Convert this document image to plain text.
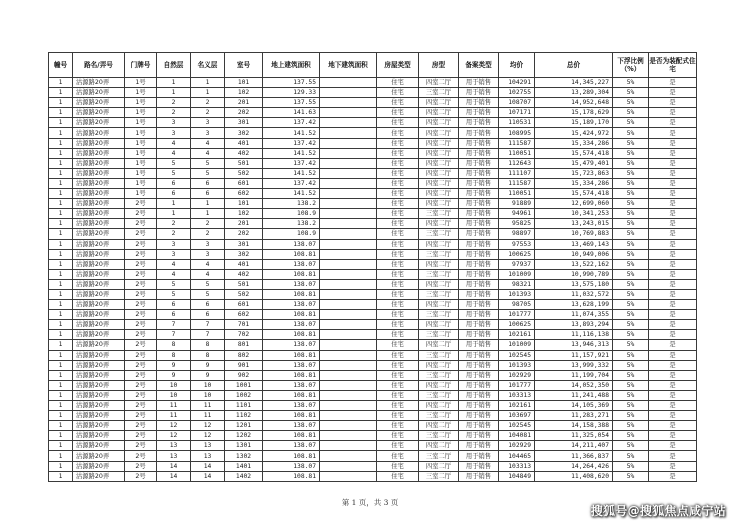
幢号	路名/弄号	门牌号	自然层	名义层	室号	地上建筑面积	地下建筑面积	房屋类型	房型	备案类型	均价	总价	下浮比例（%）	是否为装配式住宅
1	沽源路20弄	1号	1	1	101	137.55		住宅	四室二厅	用于销售	104291	14,345,227	5%	是
1	沽源路20弄	1号	1	1	102	129.33		住宅	三室二厅	用于销售	102755	13,289,304	5%	是
1	沽源路20弄	1号	2	2	201	137.55		住宅	四室二厅	用于销售	108707	14,952,648	5%	是
1	沽源路20弄	1号	2	2	202	141.63		住宅	四室二厅	用于销售	107171	15,178,629	5%	是
1	沽源路20弄	1号	3	3	301	137.42		住宅	四室二厅	用于销售	110531	15,189,170	5%	是
1	沽源路20弄	1号	3	3	302	141.52		住宅	四室二厅	用于销售	108995	15,424,972	5%	是
1	沽源路20弄	1号	4	4	401	137.42		住宅	四室二厅	用于销售	111587	15,334,286	5%	是
1	沽源路20弄	1号	4	4	402	141.52		住宅	四室二厅	用于销售	110051	15,574,418	5%	是
1	沽源路20弄	1号	5	5	501	137.42		住宅	四室二厅	用于销售	112643	15,479,401	5%	是
1	沽源路20弄	1号	5	5	502	141.52		住宅	四室二厅	用于销售	111107	15,723,863	5%	是
1	沽源路20弄	1号	6	6	601	137.42		住宅	四室二厅	用于销售	111587	15,334,286	5%	是
1	沽源路20弄	1号	6	6	602	141.52		住宅	四室二厅	用于销售	110051	15,574,418	5%	是
1	沽源路20弄	2号	1	1	101	138.2		住宅	四室二厅	用于销售	91889	12,699,060	5%	是
1	沽源路20弄	2号	1	1	102	108.9		住宅	三室二厅	用于销售	94961	10,341,253	5%	是
1	沽源路20弄	2号	2	2	201	138.2		住宅	四室二厅	用于销售	95825	13,243,015	5%	是
1	沽源路20弄	2号	2	2	202	108.9		住宅	三室二厅	用于销售	98897	10,769,883	5%	是
1	沽源路20弄	2号	3	3	301	138.07		住宅	四室二厅	用于销售	97553	13,469,143	5%	是
1	沽源路20弄	2号	3	3	302	108.81		住宅	三室二厅	用于销售	100625	10,949,006	5%	是
1	沽源路20弄	2号	4	4	401	138.07		住宅	四室二厅	用于销售	97937	13,522,162	5%	是
1	沽源路20弄	2号	4	4	402	108.81		住宅	三室二厅	用于销售	101009	10,990,789	5%	是
1	沽源路20弄	2号	5	5	501	138.07		住宅	四室二厅	用于销售	98321	13,575,180	5%	是
1	沽源路20弄	2号	5	5	502	108.81		住宅	三室二厅	用于销售	101393	11,032,572	5%	是
1	沽源路20弄	2号	6	6	601	138.07		住宅	四室二厅	用于销售	98705	13,628,199	5%	是
1	沽源路20弄	2号	6	6	602	108.81		住宅	三室二厅	用于销售	101777	11,074,355	5%	是
1	沽源路20弄	2号	7	7	701	138.07		住宅	四室二厅	用于销售	100625	13,893,294	5%	是
1	沽源路20弄	2号	7	7	702	108.81		住宅	三室二厅	用于销售	102161	11,116,138	5%	是
1	沽源路20弄	2号	8	8	801	138.07		住宅	四室二厅	用于销售	101009	13,946,313	5%	是
1	沽源路20弄	2号	8	8	802	108.81		住宅	三室二厅	用于销售	102545	11,157,921	5%	是
1	沽源路20弄	2号	9	9	901	138.07		住宅	四室二厅	用于销售	101393	13,999,332	5%	是
1	沽源路20弄	2号	9	9	902	108.81		住宅	三室二厅	用于销售	102929	11,199,704	5%	是
1	沽源路20弄	2号	10	10	1001	138.07		住宅	四室二厅	用于销售	101777	14,052,350	5%	是
1	沽源路20弄	2号	10	10	1002	108.81		住宅	三室二厅	用于销售	103313	11,241,488	5%	是
1	沽源路20弄	2号	11	11	1101	138.07		住宅	四室二厅	用于销售	102161	14,105,369	5%	是
1	沽源路20弄	2号	11	11	1102	108.81		住宅	三室二厅	用于销售	103697	11,283,271	5%	是
1	沽源路20弄	2号	12	12	1201	138.07		住宅	四室二厅	用于销售	102545	14,158,388	5%	是
1	沽源路20弄	2号	12	12	1202	108.81		住宅	三室二厅	用于销售	104081	11,325,054	5%	是
1	沽源路20弄	2号	13	13	1301	138.07		住宅	四室二厅	用于销售	102929	14,211,407	5%	是
1	沽源路20弄	2号	13	13	1302	108.81		住宅	三室二厅	用于销售	104465	11,366,837	5%	是
1	沽源路20弄	2号	14	14	1401	138.07		住宅	四室二厅	用于销售	103313	14,264,426	5%	是
1	沽源路20弄	2号	14	14	1402	108.81		住宅	三室二厅	用于销售	104849	11,408,620	5%	是
第 1 页，共 3 页
搜狐号@搜狐焦点咸宁站
